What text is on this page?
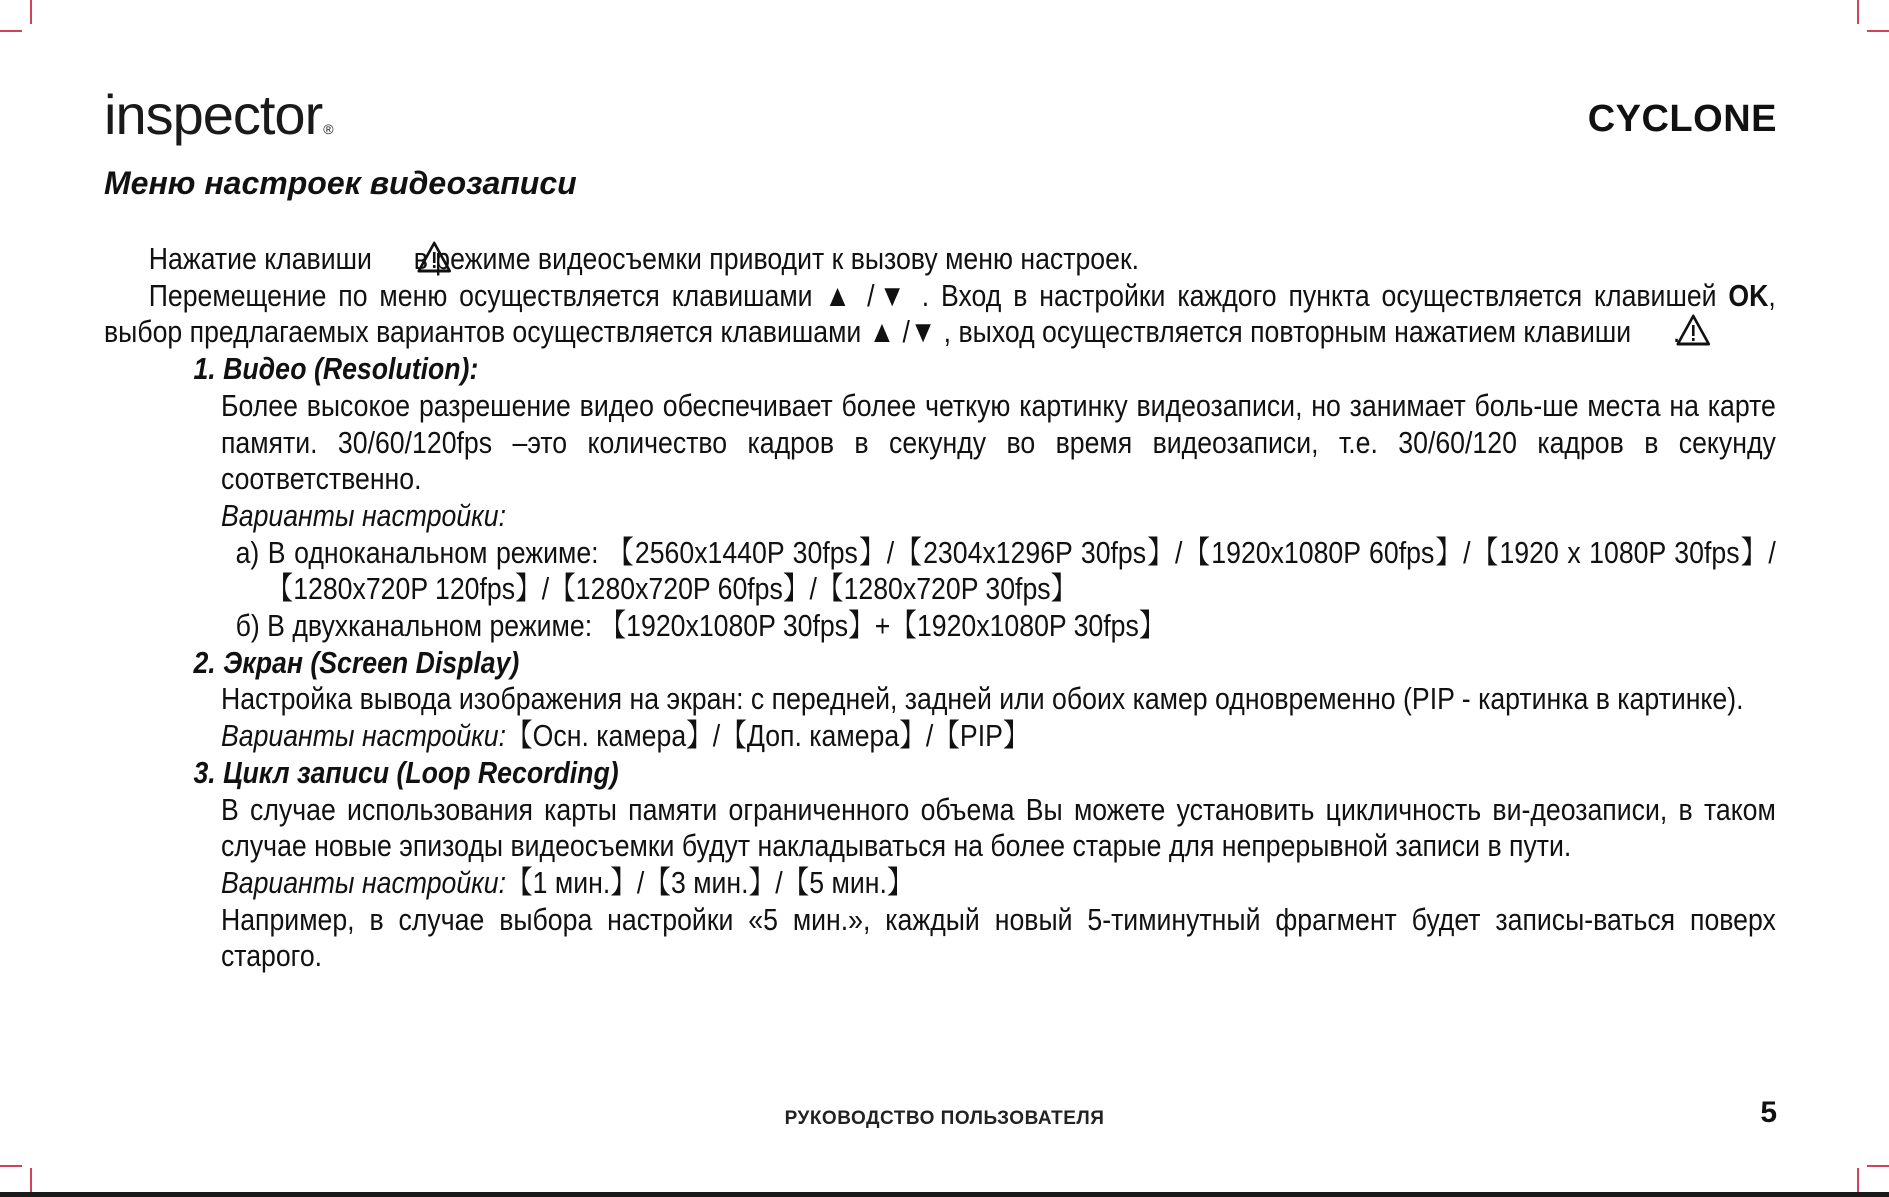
inspector®	CYCLONE
Меню настроек видеозаписи

Нажатие клавиши в режиме видеосъемки приводит к вызову меню настроек.

Перемещение по меню осуществляется клавишами ▲ /▼ . Вход в настройки каждого пункта осуществляется клавишей OK, выбор предлагаемых вариантов осуществляется клавишами ▲ /▼ , выход осуществляется повторным нажатием клавиши .

1. Видео (Resolution):

Более высокое разрешение видео обеспечивает более четкую картинку видеозаписи, но занимает боль-ше места на карте памяти. 30/60/120fps –это количество кадров в секунду во время видеозаписи, т.е. 30/60/120 кадров в секунду соответственно.

Варианты настройки:

а) В одноканальном режиме: 【2560x1440P 30fps】/【2304x1296P 30fps】/【1920x1080P 60fps】/【1920 x 1080P 30fps】/【1280x720P 120fps】/【1280x720P 60fps】/【1280x720P 30fps】

б) В двухканальном режиме: 【1920x1080P 30fps】+【1920x1080P 30fps】

2. Экран (Screen Display)

Настройка вывода изображения на экран: с передней, задней или обоих камер одновременно (PIP - картинка в картинке).

Варианты настройки:【Осн. камера】/【Доп. камера】/【PIP】

3. Цикл записи (Loop Recording)

В случае использования карты памяти ограниченного объема Вы можете установить цикличность ви-деозаписи, в таком случае новые эпизоды видеосъемки будут накладываться на более старые для непрерывной записи в пути.

Варианты настройки:【1 мин.】/【3 мин.】/【5 мин.】

Например, в случае выбора настройки «5 мин.», каждый новый 5-тиминутный фрагмент будет записы-ваться поверх старого.

РУКОВОДСТВО ПОЛЬЗОВАТЕЛЯ	5
